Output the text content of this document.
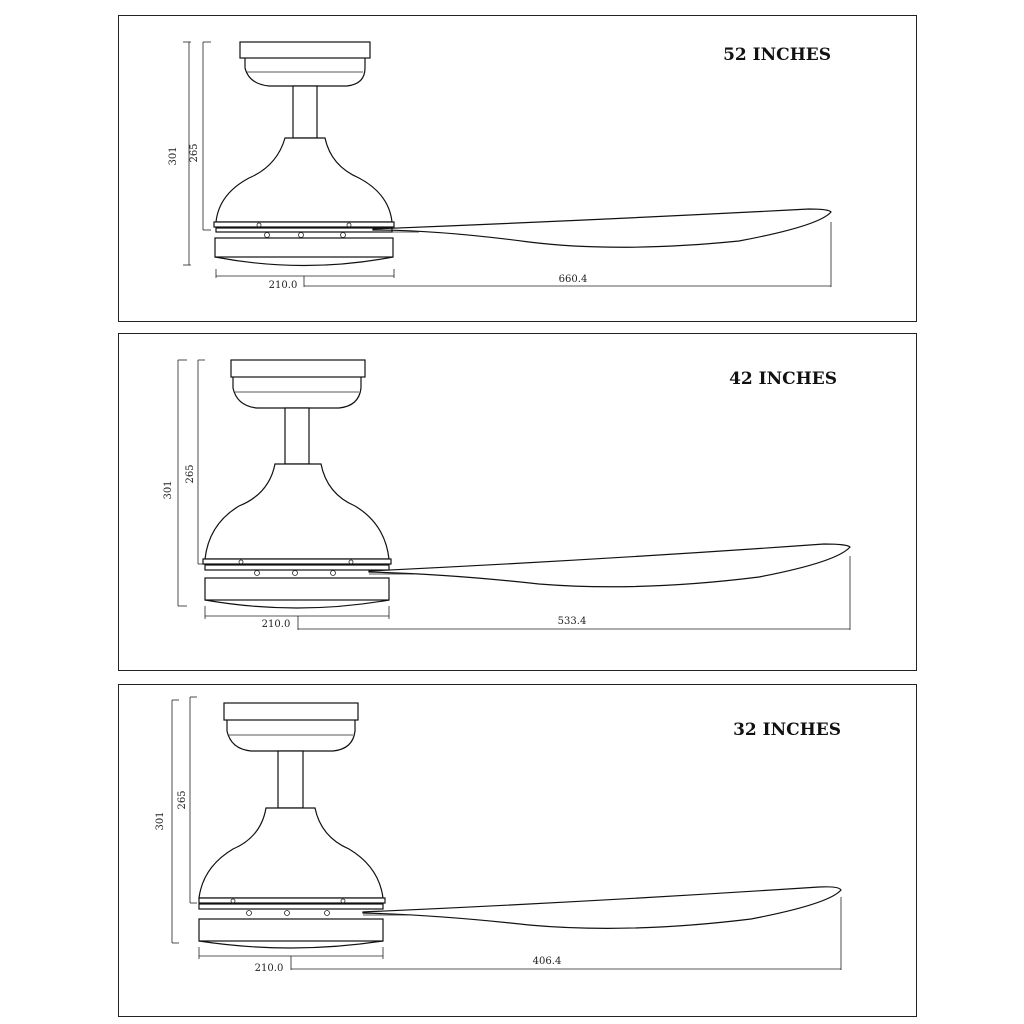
301 265
210.0
660.4
52 INCHES
301
265
210.0	533.4
42 INCHES
301
265
210.0
406.4
32 INCHES
